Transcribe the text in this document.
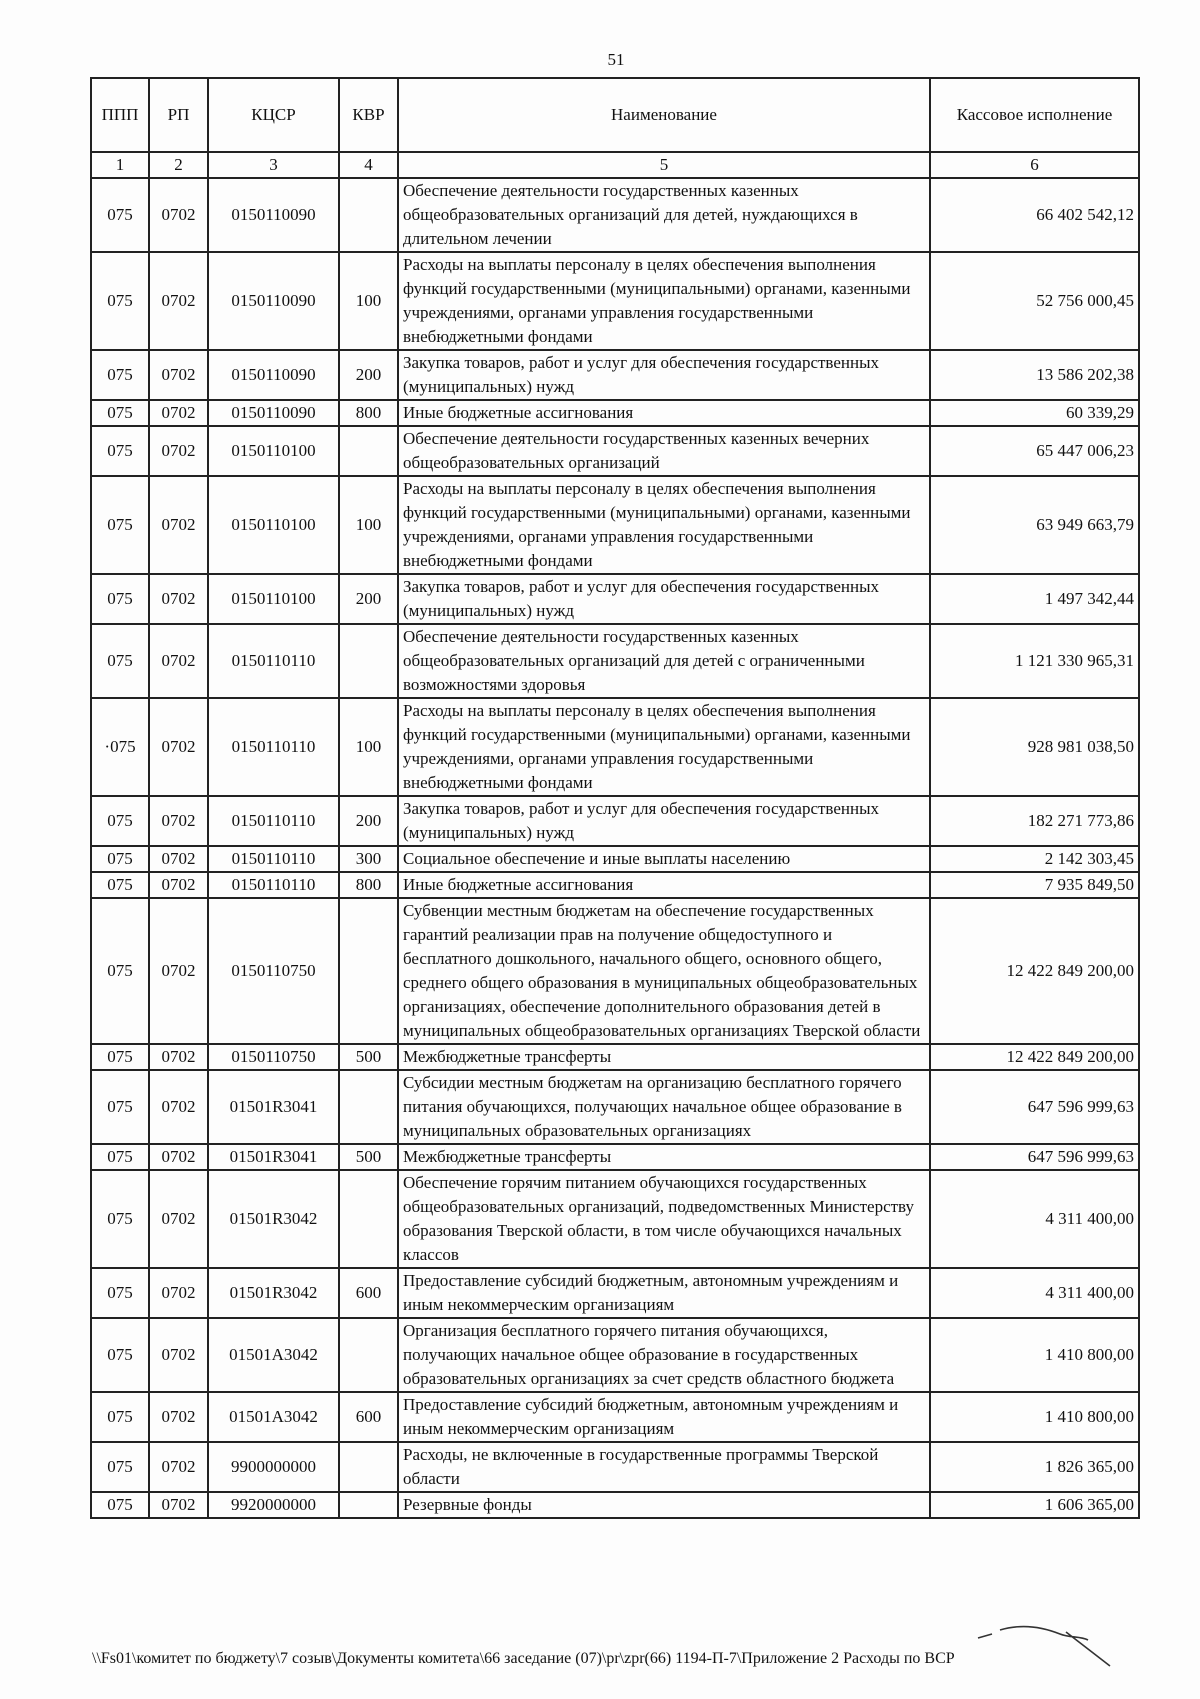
51
ППП	РП	КЦСР	КВР	Наименование	Кассовое исполнение
1	2	3	4	5	6
075	0702	0150110090		Обеспечение деятельности государственных казенных общеобразовательных организаций для детей, нуждающихся в длительном лечении	66 402 542,12
075	0702	0150110090	100	Расходы на выплаты персоналу в целях обеспечения выполнения функций государственными (муниципальными) органами, казенными учреждениями, органами управления государственными внебюджетными фондами	52 756 000,45
075	0702	0150110090	200	Закупка товаров, работ и услуг для обеспечения государственных (муниципальных) нужд	13 586 202,38
075	0702	0150110090	800	Иные бюджетные ассигнования	60 339,29
075	0702	0150110100		Обеспечение деятельности государственных казенных вечерних общеобразовательных организаций	65 447 006,23
075	0702	0150110100	100	Расходы на выплаты персоналу в целях обеспечения выполнения функций государственными (муниципальными) органами, казенными учреждениями, органами управления государственными внебюджетными фондами	63 949 663,79
075	0702	0150110100	200	Закупка товаров, работ и услуг для обеспечения государственных (муниципальных) нужд	1 497 342,44
075	0702	0150110110		Обеспечение деятельности государственных казенных общеобразовательных организаций для детей с ограниченными возможностями здоровья	1 121 330 965,31
·075	0702	0150110110	100	Расходы на выплаты персоналу в целях обеспечения выполнения функций государственными (муниципальными) органами, казенными учреждениями, органами управления государственными внебюджетными фондами	928 981 038,50
075	0702	0150110110	200	Закупка товаров, работ и услуг для обеспечения государственных (муниципальных) нужд	182 271 773,86
075	0702	0150110110	300	Социальное обеспечение и иные выплаты населению	2 142 303,45
075	0702	0150110110	800	Иные бюджетные ассигнования	7 935 849,50
075	0702	0150110750		Субвенции местным бюджетам на обеспечение государственных гарантий реализации прав на получение общедоступного и бесплатного дошкольного, начального общего, основного общего, среднего общего образования в муниципальных общеобразовательных организациях, обеспечение дополнительного образования детей в муниципальных общеобразовательных организациях Тверской области	12 422 849 200,00
075	0702	0150110750	500	Межбюджетные трансферты	12 422 849 200,00
075	0702	01501R3041		Субсидии местным бюджетам на организацию бесплатного горячего питания обучающихся, получающих начальное общее образование в муниципальных образовательных организациях	647 596 999,63
075	0702	01501R3041	500	Межбюджетные трансферты	647 596 999,63
075	0702	01501R3042		Обеспечение горячим питанием обучающихся государственных общеобразовательных организаций, подведомственных Министерству образования Тверской области, в том числе обучающихся начальных классов	4 311 400,00
075	0702	01501R3042	600	Предоставление субсидий бюджетным, автономным учреждениям и иным некоммерческим организациям	4 311 400,00
075	0702	01501A3042		Организация бесплатного горячего питания обучающихся, получающих начальное общее образование в государственных образовательных организациях за счет средств областного бюджета	1 410 800,00
075	0702	01501A3042	600	Предоставление субсидий бюджетным, автономным учреждениям и иным некоммерческим организациям	1 410 800,00
075	0702	9900000000		Расходы, не включенные в государственные программы Тверской области	1 826 365,00
075	0702	9920000000		Резервные фонды	1 606 365,00
\\Fs01\комитет по бюджету\7 созыв\Документы комитета\66 заседание (07)\pr\zpr(66) 1194-П-7\Приложение 2 Расходы по ВСР
